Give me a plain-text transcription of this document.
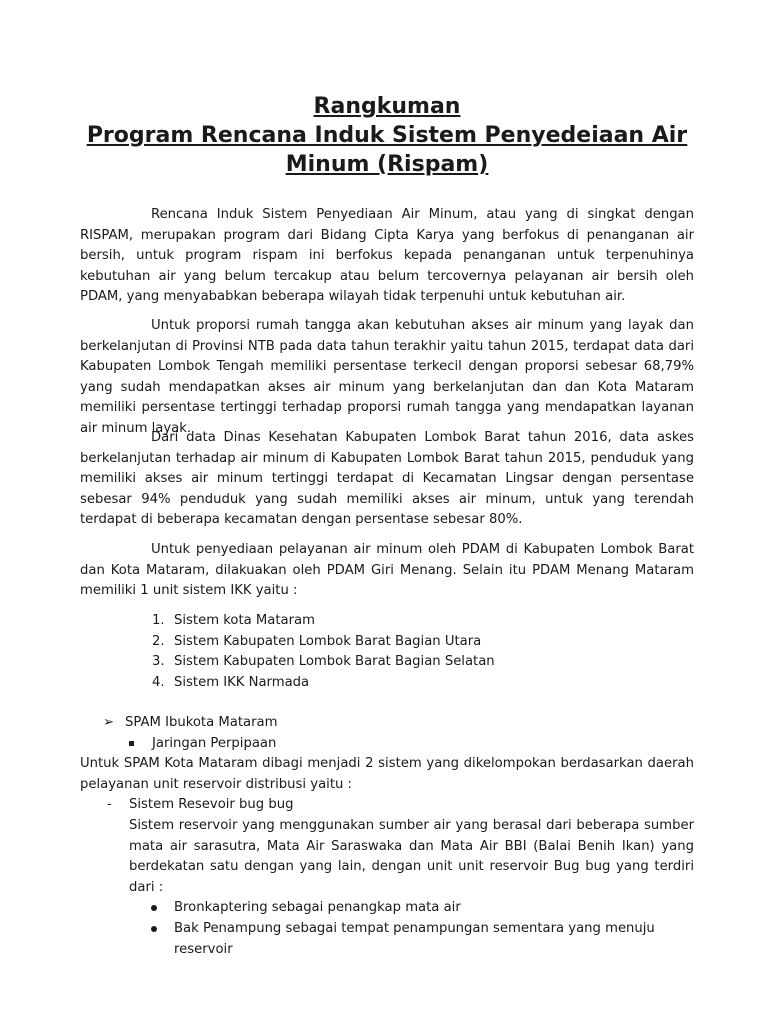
Rangkuman
Program Rencana Induk Sistem Penyedeiaan Air
Minum (Rispam)

Rencana Induk Sistem Penyediaan Air Minum, atau yang di singkat dengan RISPAM, merupakan program dari Bidang Cipta Karya yang berfokus di penanganan air bersih, untuk program rispam ini berfokus kepada penanganan untuk terpenuhinya kebutuhan air yang belum tercakup atau belum tercovernya pelayanan air bersih oleh PDAM, yang menyababkan beberapa wilayah tidak terpenuhi untuk kebutuhan air.

Untuk proporsi rumah tangga akan kebutuhan akses air minum yang layak dan berkelanjutan di Provinsi NTB pada data tahun terakhir yaitu tahun 2015, terdapat data dari Kabupaten Lombok Tengah memiliki persentase terkecil dengan proporsi sebesar 68,79% yang sudah mendapatkan akses air minum yang berkelanjutan dan dan Kota Mataram memiliki persentase tertinggi terhadap proporsi rumah tangga yang mendapatkan layanan air minum layak.

Dari data Dinas Kesehatan Kabupaten Lombok Barat tahun 2016, data askes berkelanjutan terhadap air minum di Kabupaten Lombok Barat tahun 2015, penduduk yang memiliki akses air minum tertinggi terdapat di Kecamatan Lingsar dengan persentase sebesar 94% penduduk yang sudah memiliki akses air minum, untuk yang terendah terdapat di beberapa kecamatan dengan persentase sebesar 80%.

Untuk penyediaan pelayanan air minum oleh PDAM di Kabupaten Lombok Barat dan Kota Mataram, dilakuakan oleh PDAM Giri Menang. Selain itu PDAM Menang Mataram memiliki 1 unit sistem IKK yaitu :

1. Sistem kota Mataram
2. Sistem Kabupaten Lombok Barat Bagian Utara
3. Sistem Kabupaten Lombok Barat Bagian Selatan
4. Sistem IKK Narmada
➢ SPAM Ibukota Mataram
Jaringan Perpipaan
Untuk SPAM Kota Mataram dibagi menjadi 2 sistem yang dikelompokan berdasarkan daerah pelayanan unit reservoir distribusi yaitu :
- Sistem Resevoir bug bug
Sistem reservoir yang menggunakan sumber air yang berasal dari beberapa sumber mata air sarasutra, Mata Air Saraswaka dan Mata Air BBI (Balai Benih Ikan) yang berdekatan satu dengan yang lain, dengan unit unit reservoir Bug bug yang terdiri dari :
Bronkaptering sebagai penangkap mata air
Bak Penampung sebagai tempat penampungan sementara yang menuju reservoir
